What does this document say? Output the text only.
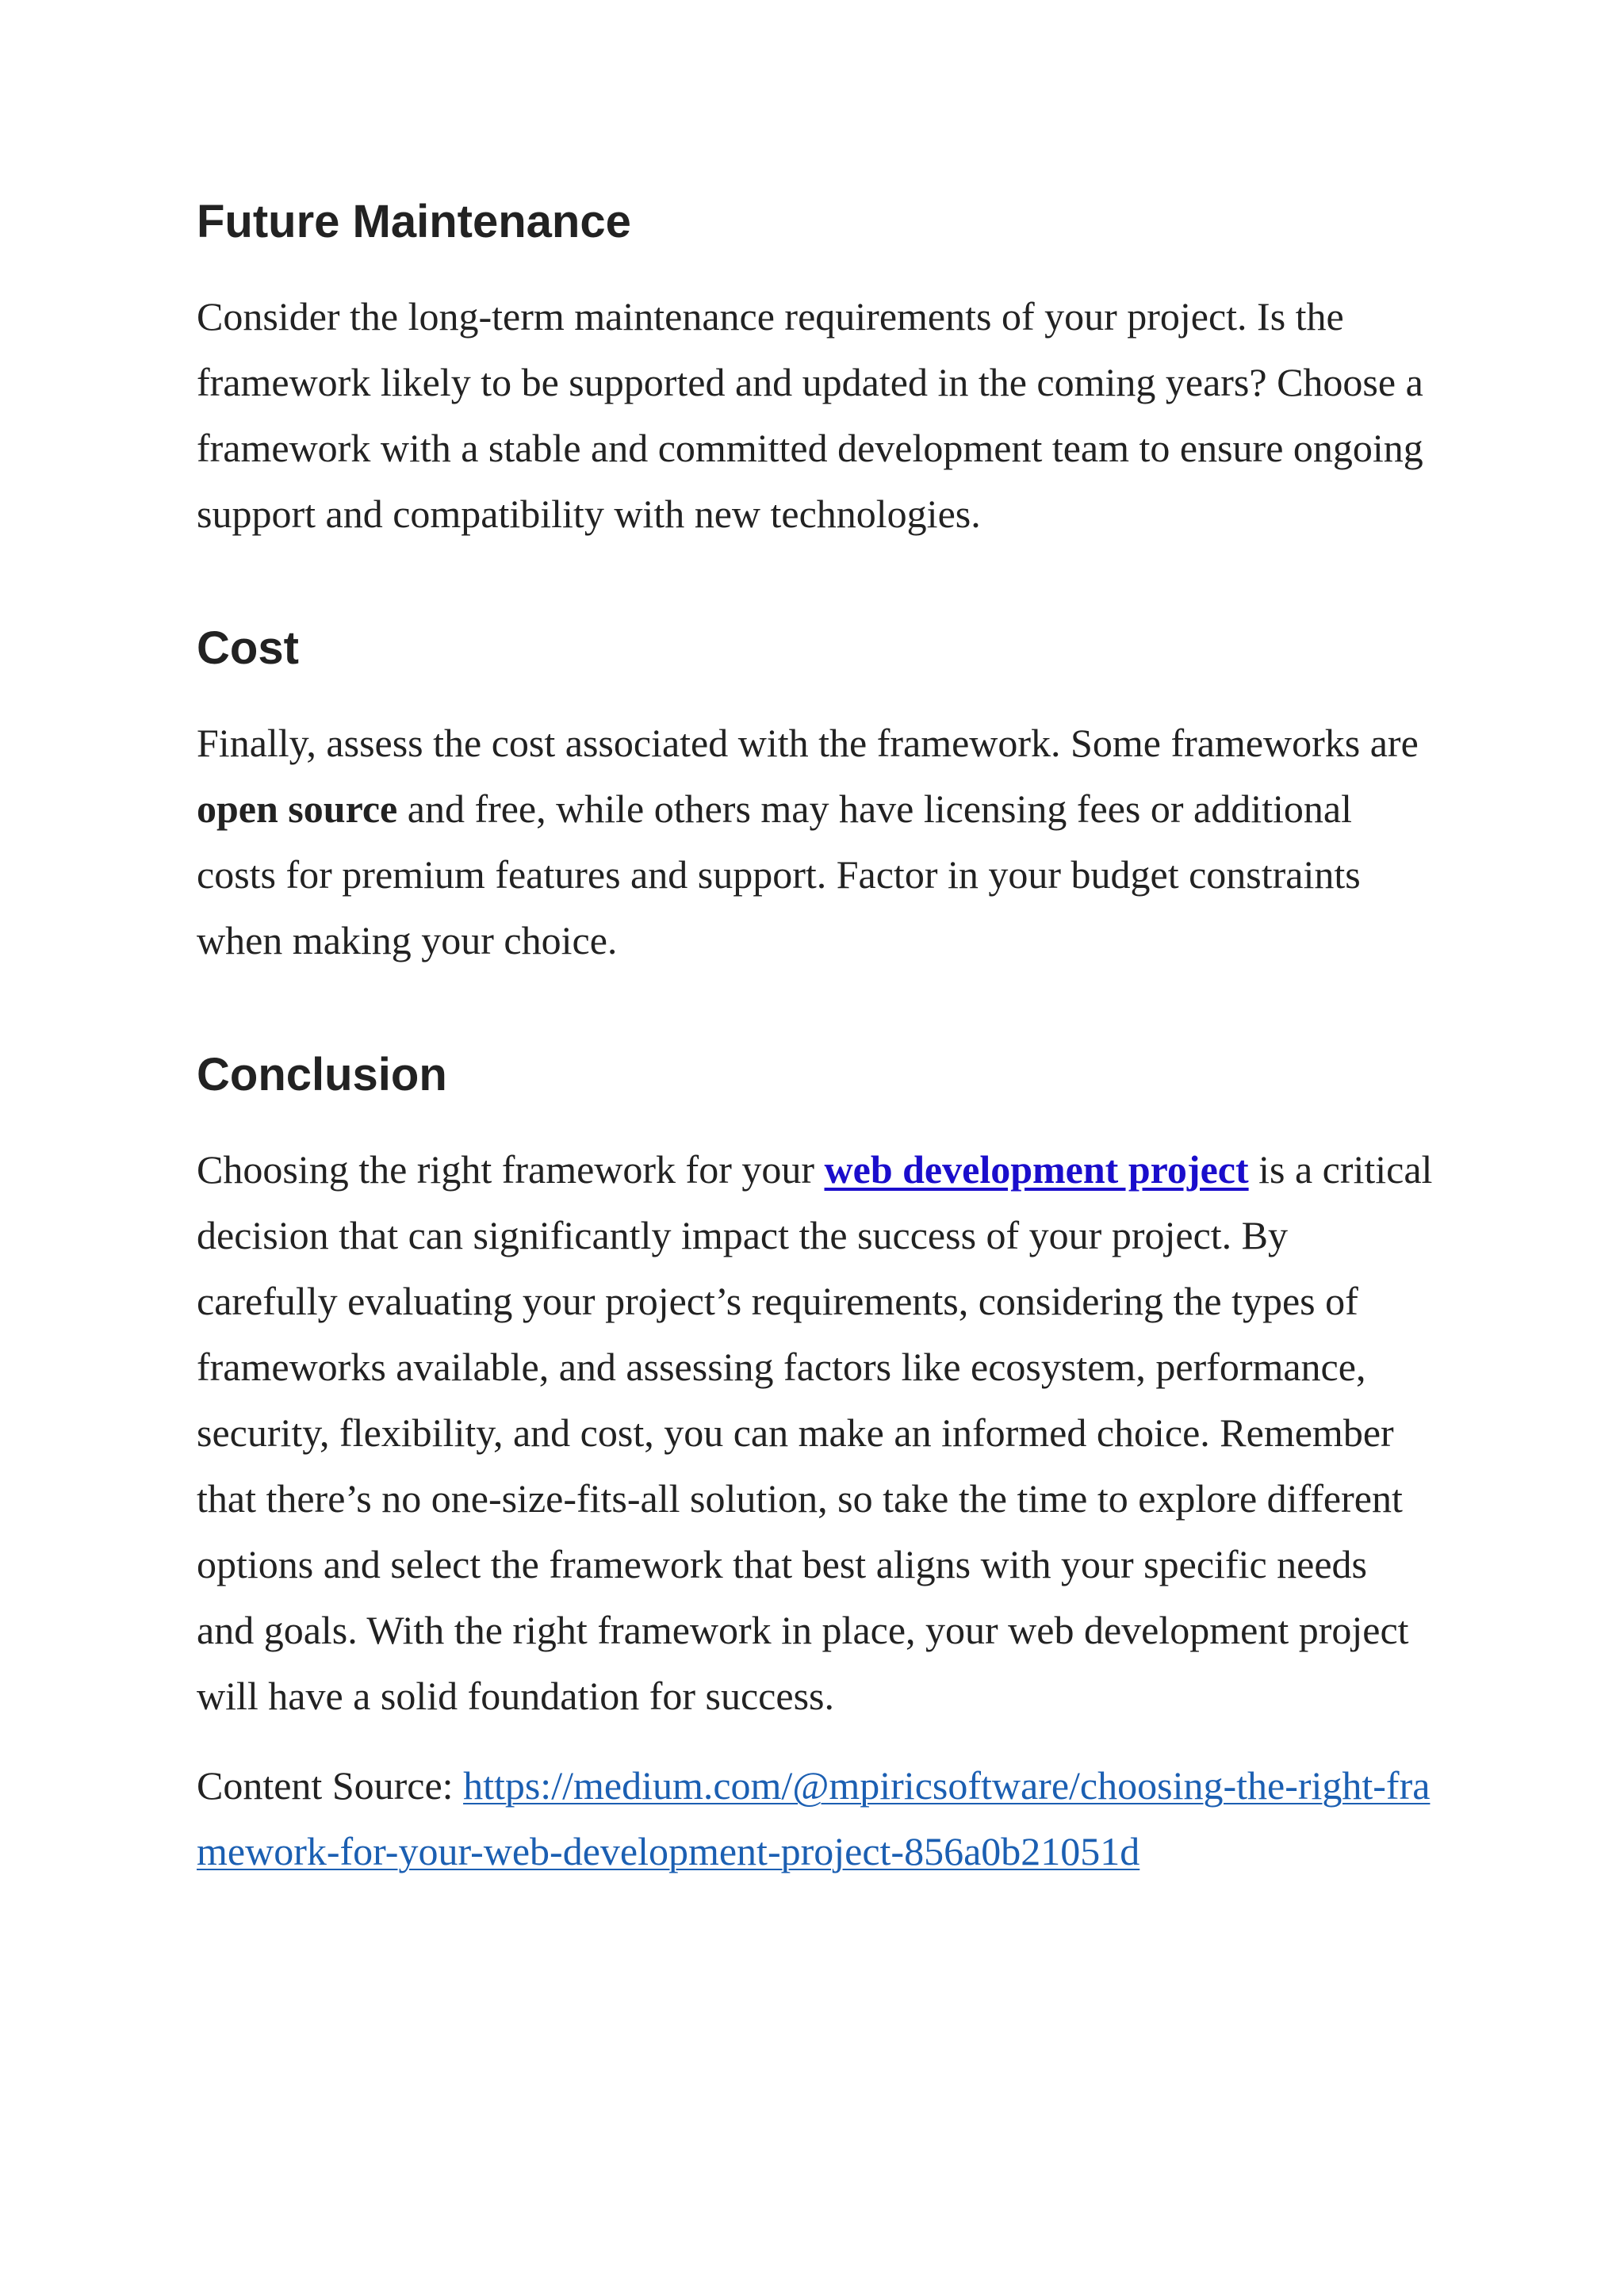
Future Maintenance

Consider the long-term maintenance requirements of your project. Is the framework likely to be supported and updated in the coming years? Choose a framework with a stable and committed development team to ensure ongoing support and compatibility with new technologies.

Cost

Finally, assess the cost associated with the framework. Some frameworks are open source and free, while others may have licensing fees or additional costs for premium features and support. Factor in your budget constraints when making your choice.

Conclusion

Choosing the right framework for your web development project is a critical decision that can significantly impact the success of your project. By carefully evaluating your project’s requirements, considering the types of frameworks available, and assessing factors like ecosystem, performance, security, flexibility, and cost, you can make an informed choice. Remember that there’s no one-size-fits-all solution, so take the time to explore different options and select the framework that best aligns with your specific needs and goals. With the right framework in place, your web development project will have a solid foundation for success.

Content Source: https://medium.com/@mpiricsoftware/choosing-the-right-framework-for-your-web-development-project-856a0b21051d
